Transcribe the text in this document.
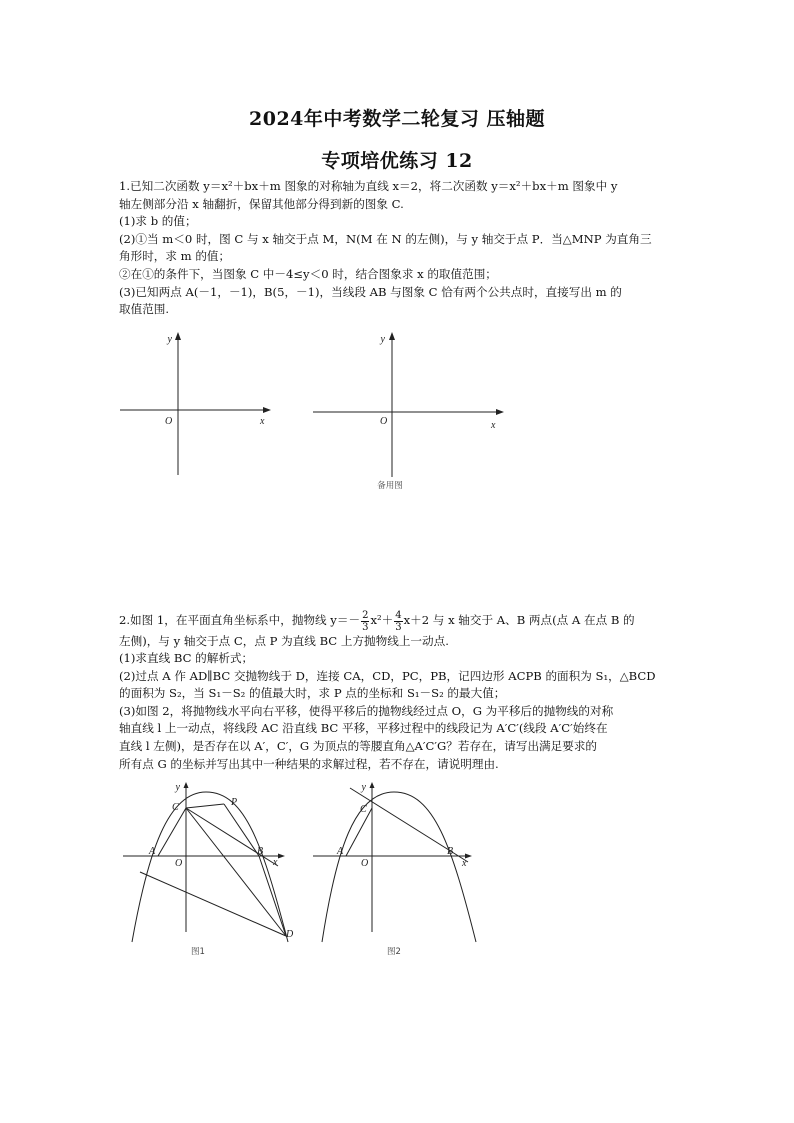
2024年中考数学二轮复习 压轴题
专项培优练习 12

1.已知二次函数 y＝x²＋bx＋m 图象的对称轴为直线 x＝2，将二次函数 y＝x²＋bx＋m 图象中 y

轴左侧部分沿 x 轴翻折，保留其他部分得到新的图象 C.

(1)求 b 的值；

(2)①当 m＜0 时，图 C 与 x 轴交于点 M，N(M 在 N 的左侧)，与 y 轴交于点 P．当△MNP 为直角三

角形时，求 m 的值；

②在①的条件下，当图象 C 中－4≤y＜0 时，结合图象求 x 的取值范围；

(3)已知两点 A(－1，－1)，B(5，－1)，当线段 AB 与图象 C 恰有两个公共点时，直接写出 m 的

取值范围.

y
x
O
y
x
O
备用图

2.如图 1，在平面直角坐标系中，抛物线 $y=- \frac{2}{3} x^2+ \frac{4}{3} x+2$ 与 x 轴交于 A、B 两点(点 A 在点 B 的

左侧)，与 y 轴交于点 C，点 P 为直线 BC 上方抛物线上一动点.

(1)求直线 BC 的解析式；

(2)过点 A 作 AD∥BC 交抛物线于 D，连接 CA，CD，PC，PB，记四边形 ACPB 的面积为 S₁，△BCD

的面积为 S₂，当 S₁－S₂ 的值最大时，求 P 点的坐标和 S₁－S₂ 的最大值；

(3)如图 2，将抛物线水平向右平移，使得平移后的抛物线经过点 O，G 为平移后的抛物线的对称

轴直线 l 上一动点，将线段 AC 沿直线 BC 平移，平移过程中的线段记为 A′C′(线段 A′C′始终在

直线 l 左侧)，是否存在以 A′，C′，G 为顶点的等腰直角△A′C′G？若存在，请写出满足要求的

所有点 G 的坐标并写出其中一种结果的求解过程，若不存在，请说明理由.

y
x
O
A	B
C	P
D
图1
y
x
O
A	B
C
图2
